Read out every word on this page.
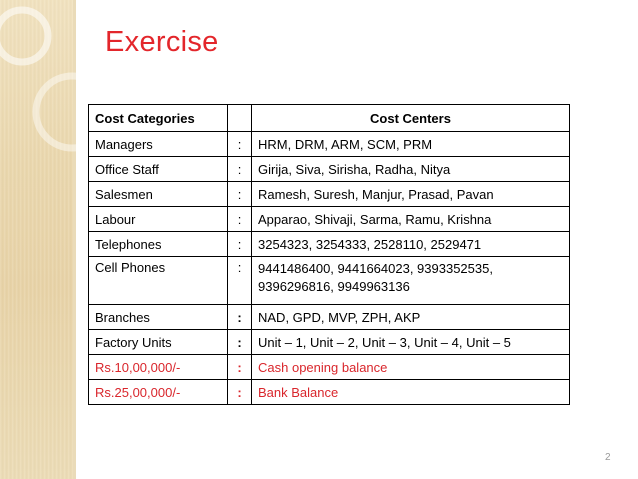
Exercise
Cost Categories		Cost Centers
Managers	:	HRM, DRM, ARM, SCM, PRM
Office Staff	:	Girija, Siva, Sirisha, Radha, Nitya
Salesmen	:	Ramesh, Suresh, Manjur, Prasad, Pavan
Labour	:	Apparao, Shivaji, Sarma, Ramu, Krishna
Telephones	:	3254323, 3254333, 2528110, 2529471
Cell Phones	:	9441486400, 9441664023, 9393352535,
9396296816, 9949963136

Branches	:	NAD, GPD, MVP, ZPH, AKP
Factory Units	:	Unit – 1, Unit – 2, Unit – 3, Unit – 4, Unit – 5
Rs.10,00,000/-	:	Cash opening balance
Rs.25,00,000/-	:	Bank Balance
2
